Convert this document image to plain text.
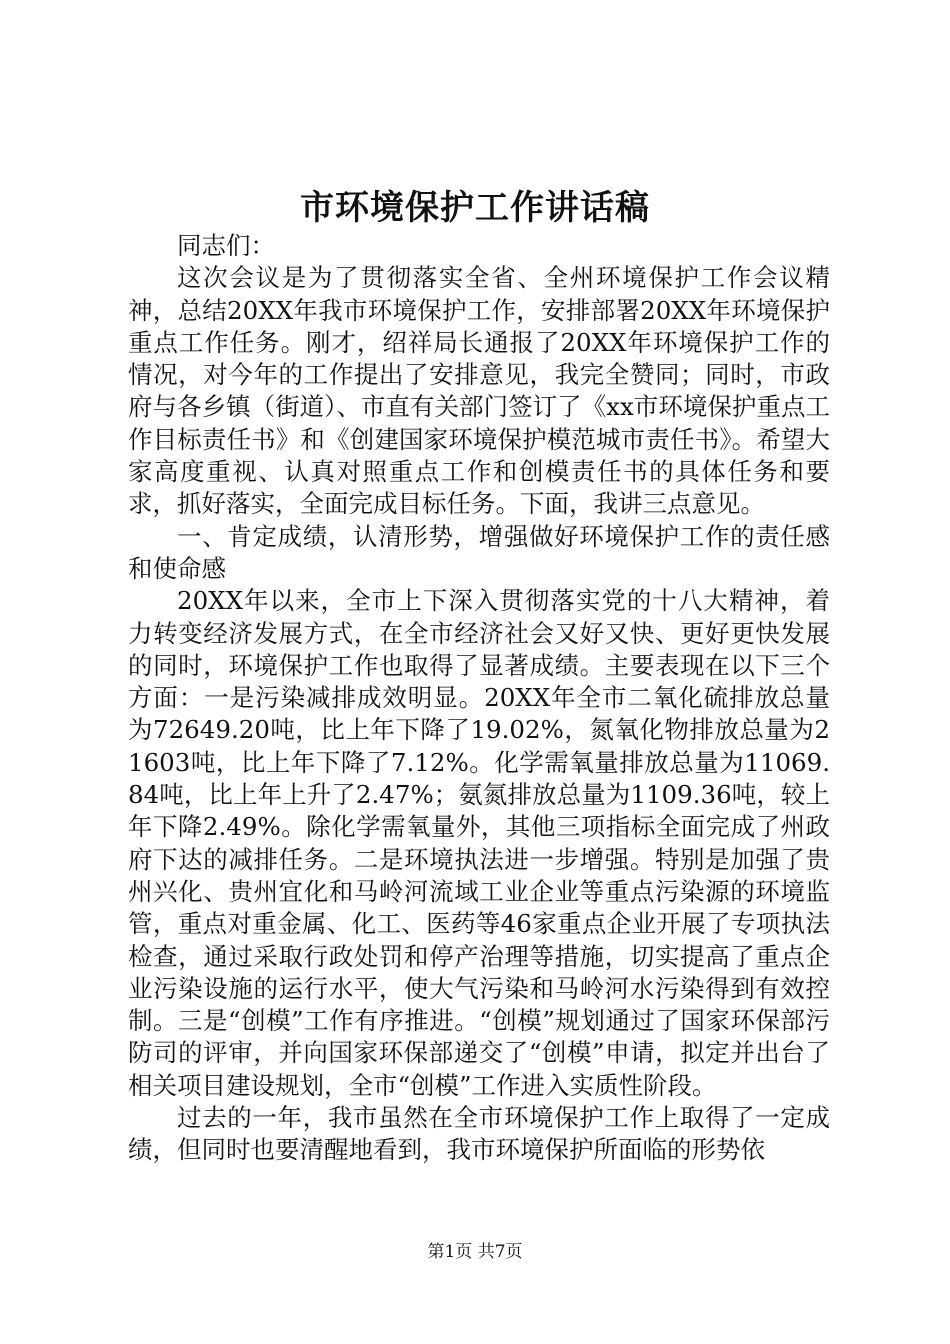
市环境保护工作讲话稿

同志们：

这次会议是为了贯彻落实全省、全州环境保护工作会议精神，总结20XX年我市环境保护工作，安排部署20XX年环境保护重点工作任务。刚才，绍祥局长通报了20XX年环境保护工作的情况，对今年的工作提出了安排意见，我完全赞同；同时，市政府与各乡镇（街道）、市直有关部门签订了《xx市环境保护重点工作目标责任书》和《创建国家环境保护模范城市责任书》。希望大家高度重视、认真对照重点工作和创模责任书的具体任务和要求，抓好落实，全面完成目标任务。下面，我讲三点意见。

一、肯定成绩，认清形势，增强做好环境保护工作的责任感和使命感

20XX年以来，全市上下深入贯彻落实党的十八大精神，着力转变经济发展方式，在全市经济社会又好又快、更好更快发展的同时，环境保护工作也取得了显著成绩。主要表现在以下三个方面：一是污染减排成效明显。20XX年全市二氧化硫排放总量为72649.20吨，比上年下降了19.02%，氮氧化物排放总量为21603吨，比上年下降了7.12%。化学需氧量排放总量为11069.84吨，比上年上升了2.47%；氨氮排放总量为1109.36吨，较上年下降2.49%。除化学需氧量外，其他三项指标全面完成了州政府下达的减排任务。二是环境执法进一步增强。特别是加强了贵州兴化、贵州宜化和马岭河流域工业企业等重点污染源的环境监管，重点对重金属、化工、医药等46家重点企业开展了专项执法检查，通过采取行政处罚和停产治理等措施，切实提高了重点企业污染设施的运行水平，使大气污染和马岭河水污染得到有效控制。三是“创模”工作有序推进。“创模”规划通过了国家环保部污防司的评审，并向国家环保部递交了“创模”申请，拟定并出台了相关项目建设规划，全市“创模”工作进入实质性阶段。

过去的一年，我市虽然在全市环境保护工作上取得了一定成绩，但同时也要清醒地看到，我市环境保护所面临的形势依

第1页 共7页
